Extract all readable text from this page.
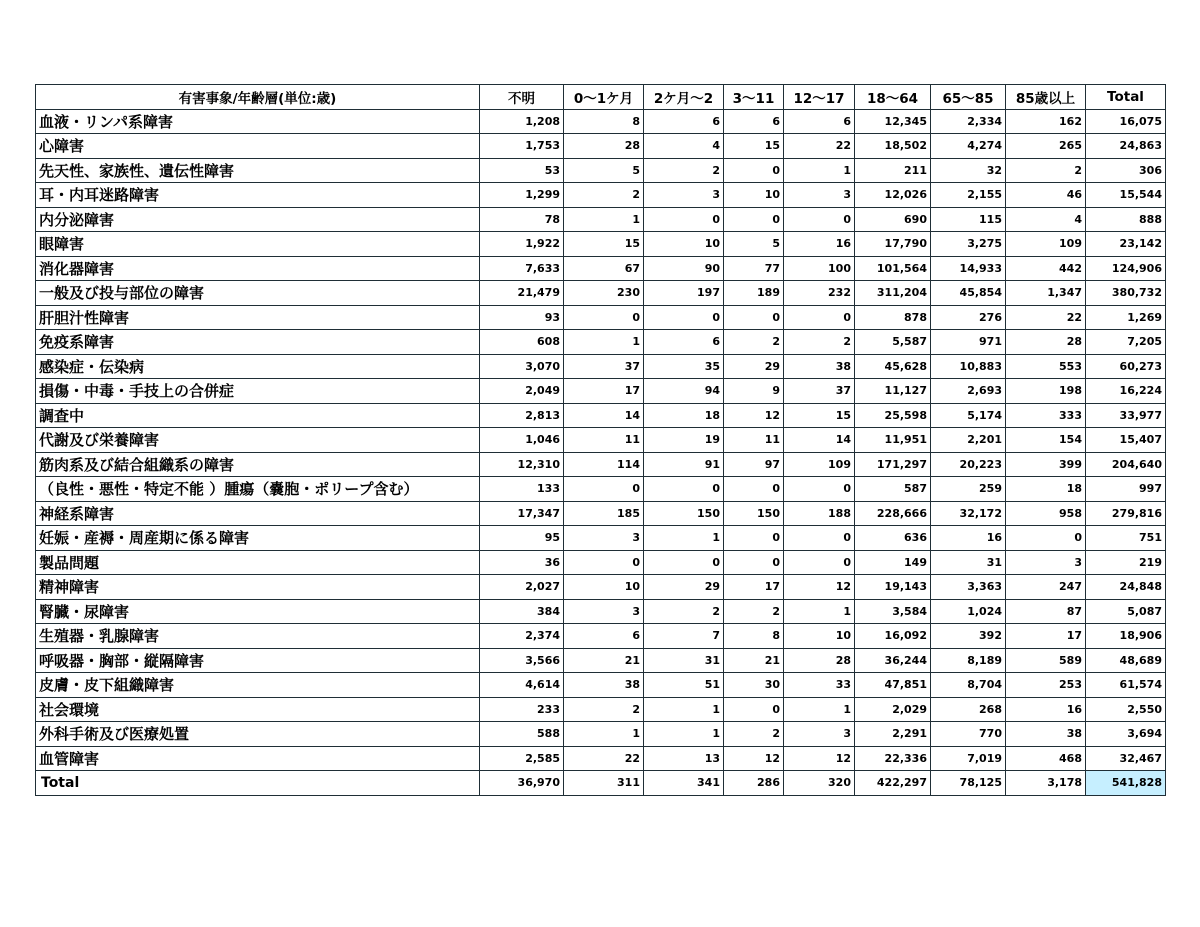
有害事象/年齢層(単位:歳)	不明	0〜1ケ月	2ケ月〜2	3〜11	12〜17	18〜64	65〜85	85歳以上	Total
血液・リンパ系障害	1,208	8	6	6	6	12,345	2,334	162	16,075
心障害	1,753	28	4	15	22	18,502	4,274	265	24,863
先天性、家族性、遺伝性障害	53	5	2	0	1	211	32	2	306
耳・内耳迷路障害	1,299	2	3	10	3	12,026	2,155	46	15,544
内分泌障害	78	1	0	0	0	690	115	4	888
眼障害	1,922	15	10	5	16	17,790	3,275	109	23,142
消化器障害	7,633	67	90	77	100	101,564	14,933	442	124,906
一般及び投与部位の障害	21,479	230	197	189	232	311,204	45,854	1,347	380,732
肝胆汁性障害	93	0	0	0	0	878	276	22	1,269
免疫系障害	608	1	6	2	2	5,587	971	28	7,205
感染症・伝染病	3,070	37	35	29	38	45,628	10,883	553	60,273
損傷・中毒・手技上の合併症	2,049	17	94	9	37	11,127	2,693	198	16,224
調査中	2,813	14	18	12	15	25,598	5,174	333	33,977
代謝及び栄養障害	1,046	11	19	11	14	11,951	2,201	154	15,407
筋肉系及び結合組織系の障害	12,310	114	91	97	109	171,297	20,223	399	204,640
（良性・悪性・特定不能 ）腫瘍（嚢胞・ポリープ含む）	133	0	0	0	0	587	259	18	997
神経系障害	17,347	185	150	150	188	228,666	32,172	958	279,816
妊娠・産褥・周産期に係る障害	95	3	1	0	0	636	16	0	751
製品問題	36	0	0	0	0	149	31	3	219
精神障害	2,027	10	29	17	12	19,143	3,363	247	24,848
腎臓・尿障害	384	3	2	2	1	3,584	1,024	87	5,087
生殖器・乳腺障害	2,374	6	7	8	10	16,092	392	17	18,906
呼吸器・胸部・縦隔障害	3,566	21	31	21	28	36,244	8,189	589	48,689
皮膚・皮下組織障害	4,614	38	51	30	33	47,851	8,704	253	61,574
社会環境	233	2	1	0	1	2,029	268	16	2,550
外科手術及び医療処置	588	1	1	2	3	2,291	770	38	3,694
血管障害	2,585	22	13	12	12	22,336	7,019	468	32,467
Total	36,970	311	341	286	320	422,297	78,125	3,178	541,828
